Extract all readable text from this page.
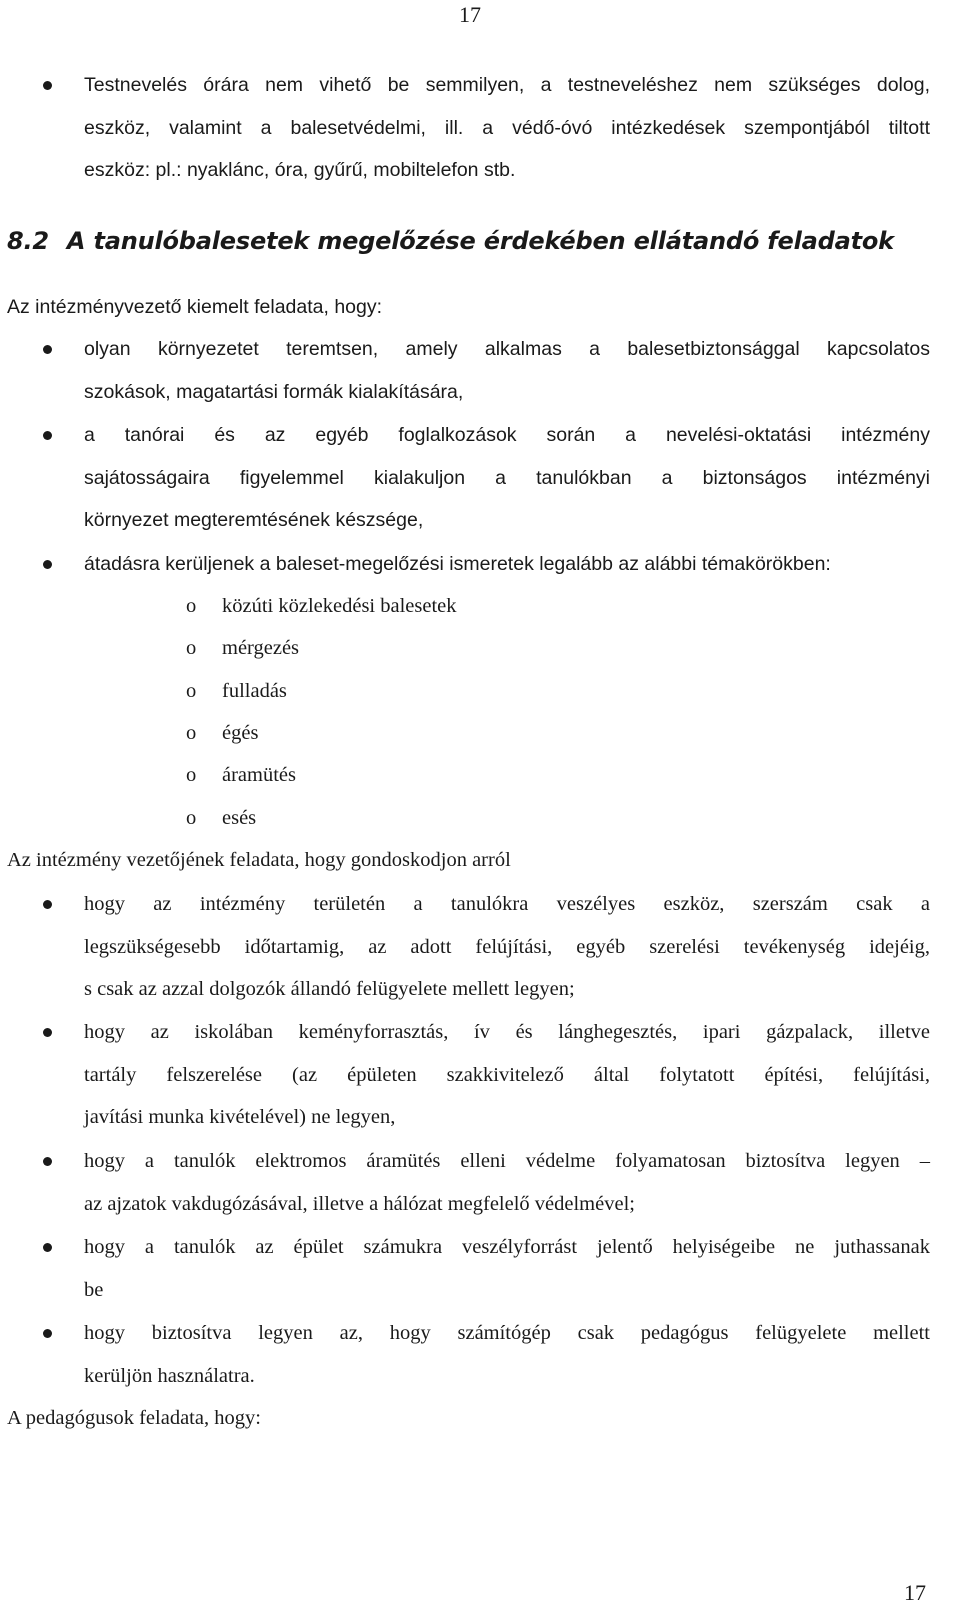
17
Testnevelés órára nem vihető be semmilyen, a testneveléshez nem szükséges dolog,
eszköz, valamint a balesetvédelmi, ill. a védő-óvó intézkedések szempontjából tiltott
eszköz: pl.: nyaklánc, óra, gyűrű, mobiltelefon stb.
8.2 A tanulóbalesetek megelőzése érdekében ellátandó feladatok
Az intézményvezető kiemelt feladata, hogy:
olyan környezetet teremtsen, amely alkalmas a balesetbiztonsággal kapcsolatos
szokások, magatartási formák kialakítására,
a tanórai és az egyéb foglalkozások során a nevelési-oktatási intézmény
sajátosságaira figyelemmel kialakuljon a tanulókban a biztonságos intézményi
környezet megteremtésének készsége,
átadásra kerüljenek a baleset-megelőzési ismeretek legalább az alábbi témakörökben:
o közúti közlekedési balesetek
o mérgezés
o fulladás
o égés
o áramütés
o esés
Az intézmény vezetőjének feladata, hogy gondoskodjon arról
hogy az intézmény területén a tanulókra veszélyes eszköz, szerszám csak a
legszükségesebb időtartamig, az adott felújítási, egyéb szerelési tevékenység idejéig,
s csak az azzal dolgozók állandó felügyelete mellett legyen;
hogy az iskolában keményforrasztás, ív és lánghegesztés, ipari gázpalack, illetve
tartály felszerelése (az épületen szakkivitelező által folytatott építési, felújítási,
javítási munka kivételével) ne legyen,
hogy a tanulók elektromos áramütés elleni védelme folyamatosan biztosítva legyen –
az ajzatok vakdugózásával, illetve a hálózat megfelelő védelmével;
hogy a tanulók az épület számukra veszélyforrást jelentő helyiségeibe ne juthassanak
be
hogy biztosítva legyen az, hogy számítógép csak pedagógus felügyelete mellett
kerüljön használatra.
A pedagógusok feladata, hogy:
17
